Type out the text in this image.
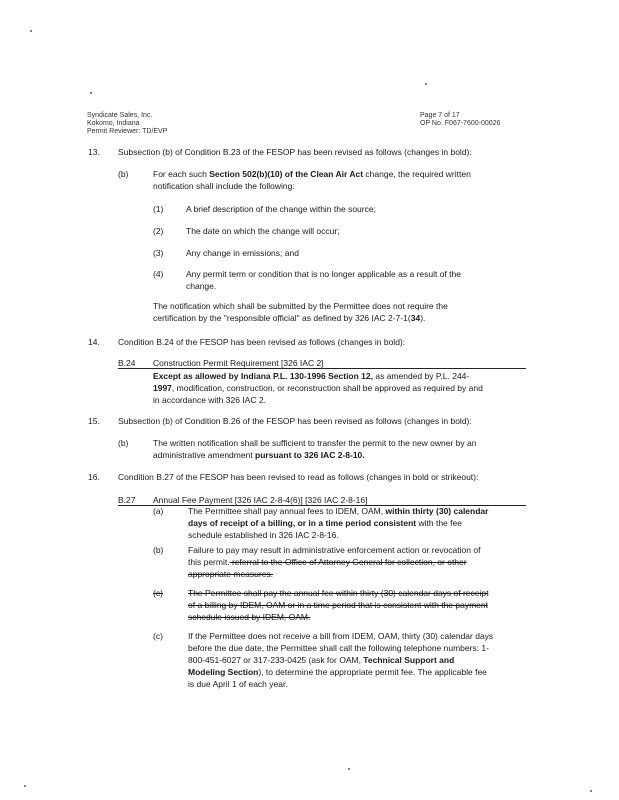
Syndicate Sales, Inc.
Kokomo, Indiana
Permit Reviewer: TD/EVP
Page 7 of 17
OP No. F067-7600-00026
13. Subsection (b) of Condition B.23 of the FESOP has been revised as follows (changes in bold):
(b)	For each such Section 502(b)(10) of the Clean Air Act change, the required written
notification shall include the following:
(1)	A brief description of the change within the source;
(2)	The date on which the change will occur;
(3)	Any change in emissions; and
(4)	Any permit term or condition that is no longer applicable as a result of the
change.
The notification which shall be submitted by the Permittee does not require the
certification by the "responsible official" as defined by 326 IAC 2-7-1(34).
14. Condition B.24 of the FESOP has been revised as follows (changes in bold):
B.24 Construction Permit Requirement [326 IAC 2]
Except as allowed by Indiana P.L. 130-1996 Section 12, as amended by P.L. 244-
1997, modification, construction, or reconstruction shall be approved as required by and
in accordance with 326 IAC 2.
15. Subsection (b) of Condition B.26 of the FESOP has been revised as follows (changes in bold):
(b)	The written notification shall be sufficient to transfer the permit to the new owner by an
administrative amendment pursuant to 326 IAC 2-8-10.
16. Condition B.27 of the FESOP has been revised to read as follows (changes in bold or strikeout):
B.27 Annual Fee Payment [326 IAC 2-8-4(6)] [326 IAC 2-8-16]
(a)	The Permittee shall pay annual fees to IDEM, OAM, within thirty (30) calendar
days of receipt of a billing, or in a time period consistent with the fee
schedule established in 326 IAC 2-8-16.
(b)	Failure to pay may result in administrative enforcement action or revocation of
this permit. referral to the Office of Attorney General for collection, or other
appropriate measures.
(c)	The Permittee shall pay the annual fee within thirty (30) calendar days of receipt
of a billing by IDEM, OAM or in a time period that is consistent with the payment
schedule issued by IDEM, OAM.
(c)	If the Permittee does not receive a bill from IDEM, OAM, thirty (30) calendar days
before the due date, the Permittee shall call the following telephone numbers: 1-
800-451-6027 or 317-233-0425 (ask for OAM, Technical Support and
Modeling Section), to determine the appropriate permit fee. The applicable fee
is due April 1 of each year.
